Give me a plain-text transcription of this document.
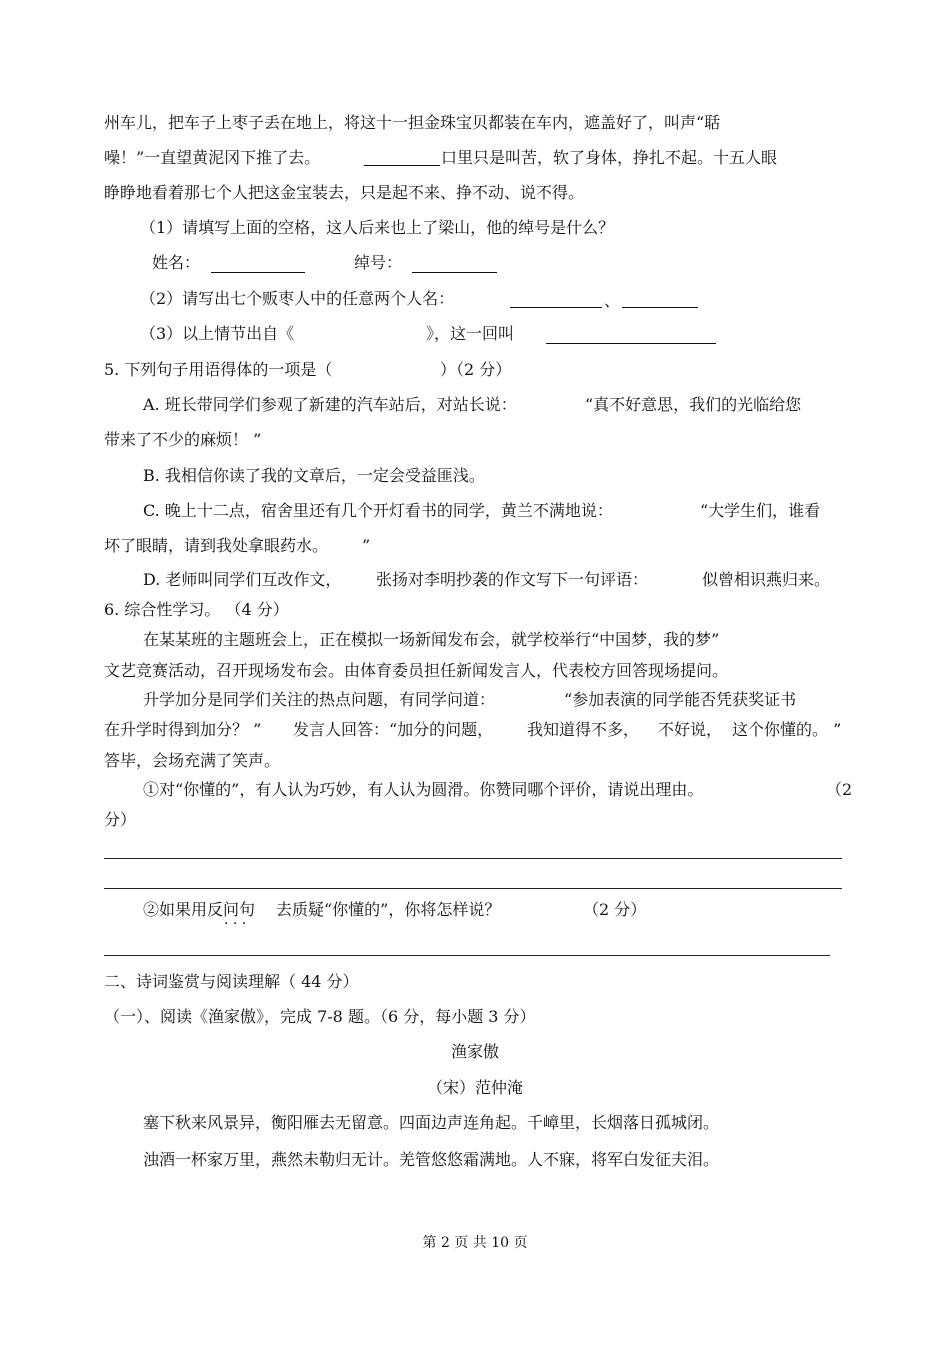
州车儿，把车子上枣子丢在地上，将这十一担金珠宝贝都装在车内，遮盖好了，叫声“聒
噪！”一直望黄泥冈下推了去。	口里只是叫苦，软了身体，挣扎不起。十五人眼
睁睁地看着那七个人把这金宝装去，只是起不来、挣不动、说不得。
（1）请填写上面的空格，这人后来也上了梁山，他的绰号是什么？
姓名：	绰号：
（2）请写出七个贩枣人中的任意两个人名：	、
（3）以上情节出自《	》，这一回叫
5. 下列句子用语得体的一项是（	）（2 分）
A. 班长带同学们参观了新建的汽车站后，对站长说：	“真不好意思，我们的光临给您
带来了不少的麻烦！ ”
B. 我相信你读了我的文章后，一定会受益匪浅。
C. 晚上十二点，宿舍里还有几个开灯看书的同学，黄兰不满地说：	“大学生们，谁看
坏了眼睛，请到我处拿眼药水。 ”
D. 老师叫同学们互改作文， 张扬对李明抄袭的作文写下一句评语：	似曾相识燕归来。
6. 综合性学习。 （4 分）
在某某班的主题班会上，正在模拟一场新闻发布会，就学校举行“中国梦，我的梦”
文艺竞赛活动，召开现场发布会。由体育委员担任新闻发言人，代表校方回答现场提问。
升学加分是同学们关注的热点问题，有同学问道：	“参加表演的同学能否凭获奖证书
在升学时得到加分？ ” 发言人回答：“加分的问题， 我知道得不多， 不好说， 这个你懂的。 ”
答毕，会场充满了笑声。
①对“你懂的”，有人认为巧妙，有人认为圆滑。你赞同哪个评价，请说出理由。	（2
分）
②如果用反问句
· · ·
去质疑“你懂的”，你将怎样说？	（2 分）
二、诗词鉴赏与阅读理解（ 44 分）
（一）、阅读《渔家傲》，完成 7-8 题。（6 分，每小题 3 分）
渔家傲
（宋）范仲淹
塞下秋来风景异，衡阳雁去无留意。四面边声连角起。千嶂里，长烟落日孤城闭。
浊酒一杯家万里，燕然未勒归无计。羌管悠悠霜满地。人不寐，将军白发征夫泪。
第 2 页 共 10 页
